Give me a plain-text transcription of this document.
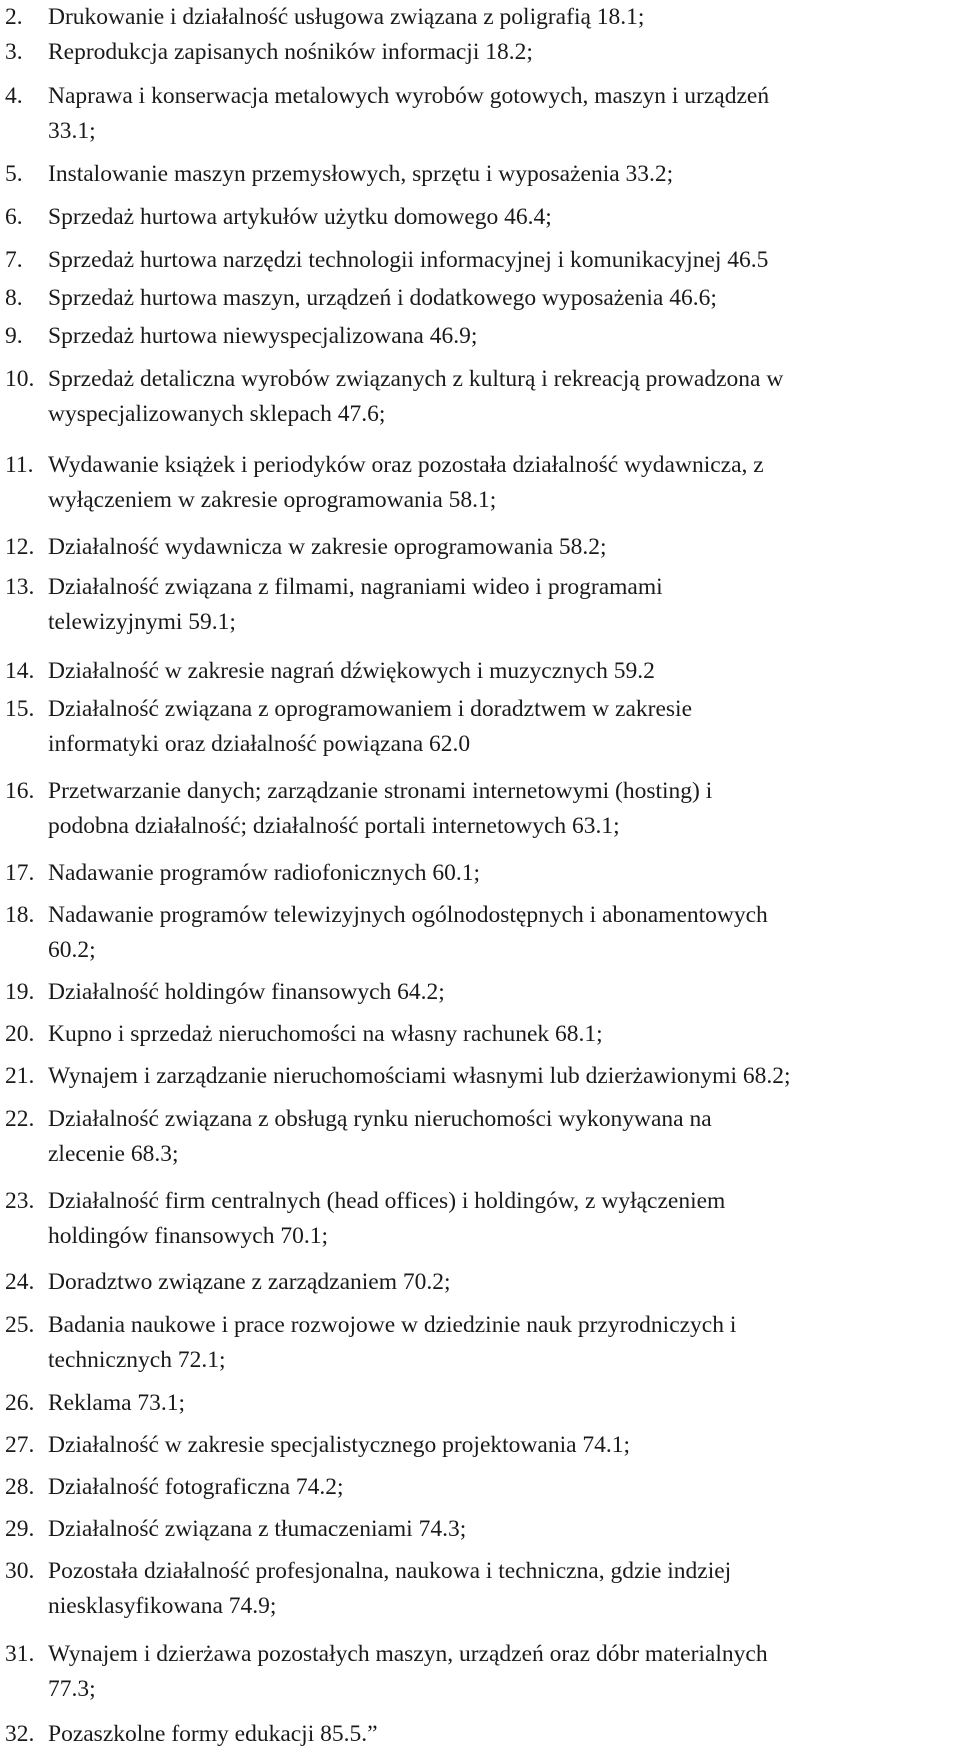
2. Drukowanie i działalność usługowa związana z poligrafią 18.1;
3. Reprodukcja zapisanych nośników informacji 18.2;
4. Naprawa i konserwacja metalowych wyrobów gotowych, maszyn i urządzeń
33.1;
5. Instalowanie maszyn przemysłowych, sprzętu i wyposażenia 33.2;
6. Sprzedaż hurtowa artykułów użytku domowego 46.4;
7. Sprzedaż hurtowa narzędzi technologii informacyjnej i komunikacyjnej 46.5
8. Sprzedaż hurtowa maszyn, urządzeń i dodatkowego wyposażenia 46.6;
9. Sprzedaż hurtowa niewyspecjalizowana 46.9;
10. Sprzedaż detaliczna wyrobów związanych z kulturą i rekreacją prowadzona w
wyspecjalizowanych sklepach 47.6;
11. Wydawanie książek i periodyków oraz pozostała działalność wydawnicza, z
wyłączeniem w zakresie oprogramowania 58.1;
12. Działalność wydawnicza w zakresie oprogramowania 58.2;
13. Działalność związana z filmami, nagraniami wideo i programami
telewizyjnymi 59.1;
14. Działalność w zakresie nagrań dźwiękowych i muzycznych 59.2
15. Działalność związana z oprogramowaniem i doradztwem w zakresie
informatyki oraz działalność powiązana 62.0
16. Przetwarzanie danych; zarządzanie stronami internetowymi (hosting) i
podobna działalność; działalność portali internetowych 63.1;
17. Nadawanie programów radiofonicznych 60.1;
18. Nadawanie programów telewizyjnych ogólnodostępnych i abonamentowych
60.2;
19. Działalność holdingów finansowych 64.2;
20. Kupno i sprzedaż nieruchomości na własny rachunek 68.1;
21. Wynajem i zarządzanie nieruchomościami własnymi lub dzierżawionymi 68.2;
22. Działalność związana z obsługą rynku nieruchomości wykonywana na
zlecenie 68.3;
23. Działalność firm centralnych (head offices) i holdingów, z wyłączeniem
holdingów finansowych 70.1;
24. Doradztwo związane z zarządzaniem 70.2;
25. Badania naukowe i prace rozwojowe w dziedzinie nauk przyrodniczych i
technicznych 72.1;
26. Reklama 73.1;
27. Działalność w zakresie specjalistycznego projektowania 74.1;
28. Działalność fotograficzna 74.2;
29. Działalność związana z tłumaczeniami 74.3;
30. Pozostała działalność profesjonalna, naukowa i techniczna, gdzie indziej
niesklasyfikowana 74.9;
31. Wynajem i dzierżawa pozostałych maszyn, urządzeń oraz dóbr materialnych
77.3;
32. Pozaszkolne formy edukacji 85.5.”
